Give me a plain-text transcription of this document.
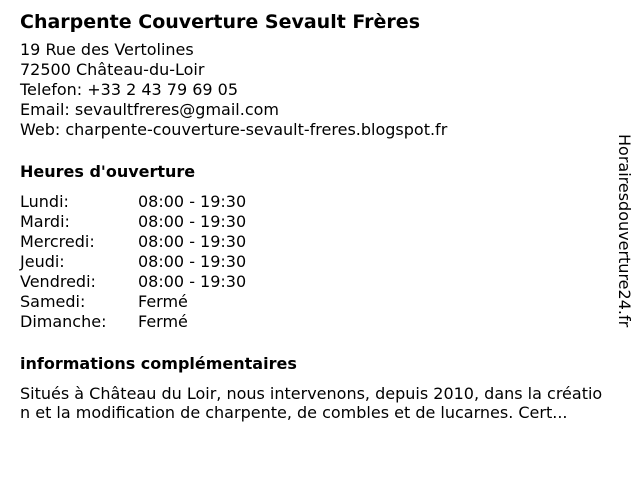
Charpente Couverture Sevault Frères
19 Rue des Vertolines
72500 Château-du-Loir
Telefon: +33 2 43 79 69 05
Email: sevaultfreres@gmail.com
Web: charpente-couverture-sevault-freres.blogspot.fr
Heures d'ouverture
Lundi:	08:00 - 19:30
Mardi:	08:00 - 19:30
Mercredi:	08:00 - 19:30
Jeudi:	08:00 - 19:30
Vendredi:	08:00 - 19:30
Samedi:	Fermé
Dimanche:	Fermé
informations complémentaires
Situés à Château du Loir, nous intervenons, depuis 2010, dans la création et la modification de charpente, de combles et de lucarnes. Cert...
Horairesdouverture24.fr
